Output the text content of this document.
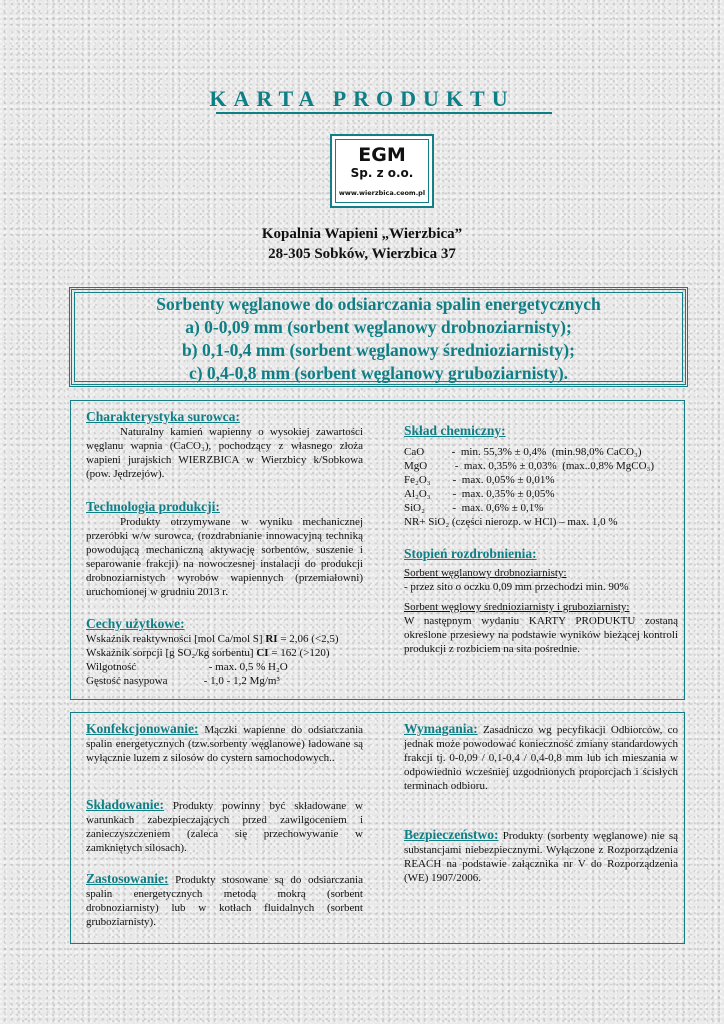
KARTA PRODUKTU
EGM
Sp. z o.o.
www.wierzbica.ceom.pl
Kopalnia Wapieni „Wierzbica”
28-305 Sobków, Wierzbica 37
Sorbenty węglanowe do odsiarczania spalin energetycznych
a) 0-0,09 mm (sorbent węglanowy drobnoziarnisty);
b) 0,1-0,4 mm (sorbent węglanowy średnioziarnisty);
c) 0,4-0,8 mm (sorbent węglanowy gruboziarnisty).
Charakterystyka surowca:
Naturalny kamień wapienny o wysokiej zawartości węglanu wapnia (CaCO₃), pochodzący z własnego złoża wapieni jurajskich WIERZBICA w Wierzbicy k/Sobkowa (pow. Jędrzejów).
Technologia produkcji:
Produkty otrzymywane w wyniku mechanicznej przeróbki w/w surowca, (rozdrabnianie innowacyjną techniką powodującą mechaniczną aktywację sorbentów, suszenie i separowanie frakcji) na nowoczesnej instalacji do produkcji drobnoziarnistych wyrobów wapiennych (przemiałowni) uruchomionej w grudniu 2013 r.
Cechy użytkowe:
Wskaźnik reaktywności [mol Ca/mol S] RI = 2,06 (<2,5)
Wskaźnik sorpcji [g SO₂/kg sorbentu] CI = 162 (>120)
Wilgotność	- max. 0,5 % H₂O
Gęstość nasypowa	- 1,0 - 1,2 Mg/m³
Skład chemiczny:
CaO          -  min. 55,3% ± 0,4%  (min.98,0% CaCO₃)
MgO          -  max. 0,35% ± 0,03%  (max..0,8% MgCO₃)
Fe₂O₃        -  max. 0,05% ± 0,01%
Al₂O₃        -  max. 0,35% ± 0,05%
SiO₂          -  max. 0,6% ± 0,1%
NR+ SiO₂ (części nierozp. w HCl) – max. 1,0 %
Stopień rozdrobnienia:
Sorbent węglanowy drobnoziarnisty:
- przez sito o oczku 0,09 mm przechodzi min. 90%
Sorbent węglowy średnioziarnisty i gruboziarnisty:
W następnym wydaniu KARTY PRODUKTU zostaną określone przesiewy na podstawie wyników bieżącej kontroli produkcji z rozbiciem na sita pośrednie.
Konfekcjonowanie: Mączki wapienne do odsiarczania spalin energetycznych (tzw.sorbenty węglanowe) ładowane są wyłącznie luzem z silosów do cystern samochodowych..
Składowanie: Produkty powinny być składowane w warunkach zabezpieczających przed zawilgoceniem i zanieczyszczeniem (zaleca się przechowywanie w zamkniętych silosach).
Zastosowanie: Produkty stosowane są do odsiarczania spalin energetycznych metodą mokrą (sorbent drobnoziarnisty) lub w kotłach fluidalnych (sorbent gruboziarnisty).
Wymagania: Zasadniczo wg pecyfikacji Odbiorców, co jednak może powodować konieczność zmiany standardowych frakcji tj. 0-0,09 / 0,1-0,4 / 0,4-0,8 mm lub ich mieszania w odpowiednio wcześniej uzgodnionych proporcjach i ścisłych terminach odbioru.
Bezpieczeństwo: Produkty (sorbenty węglanowe) nie są substancjami niebezpiecznymi. Wyłączone z Rozporządzenia REACH na podstawie załącznika nr V do Rozporządzenia (WE) 1907/2006.
